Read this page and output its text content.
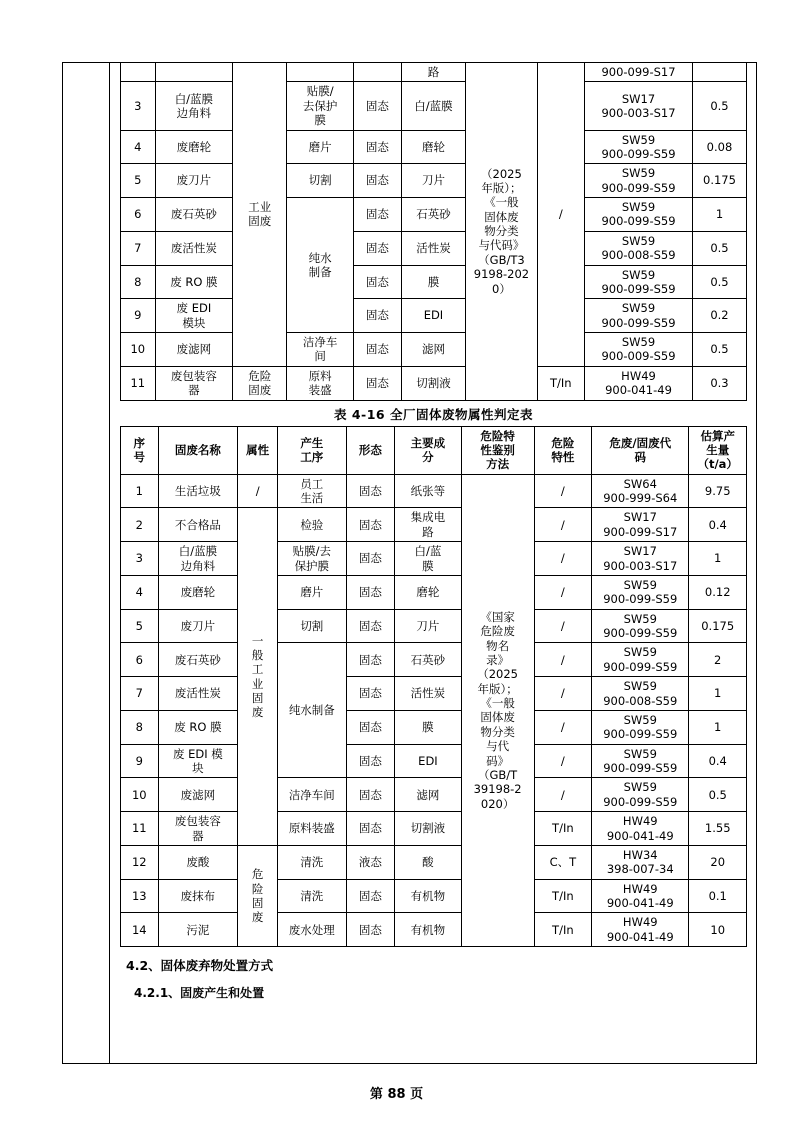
		工业
固废			路	（2025
年版）；
《一般
固体废
物分类
与代码》
（GB/T3
9198-202
0）	/	900-099-S17	
3	白/蓝膜
边角料		贴膜/
去保护
膜	固态	白/蓝膜			SW17
900-003-S17	0.5
4	废磨轮		磨片	固态	磨轮			SW59
900-099-S59	0.08
5	废刀片		切割	固态	刀片			SW59
900-099-S59	0.175
6	废石英砂		纯水
制备	固态	石英砂			SW59
900-099-S59	1
7	废活性炭			固态	活性炭			SW59
900-008-S59	0.5
8	废 RO 膜			固态	膜			SW59
900-099-S59	0.5
9	废 EDI
模块			固态	EDI			SW59
900-099-S59	0.2
10	废滤网		洁净车
间	固态	滤网			SW59
900-009-S59	0.5
11	废包装容
器	危险
固废	原料
装盛	固态	切割液		T/In	HW49
900-041-49	0.3
表 4-16 全厂固体废物属性判定表
序
号	固废名称	属性	产生
工序	形态	主要成
分	危险特
性鉴别
方法	危险
特性	危废/固废代
码	估算产
生量
（t/a）
1	生活垃圾	/	员工
生活	固态	纸张等	《国家
危险废
物名
录》
（2025
年版）；
《一般
固体废
物分类
与代
码》
（GB/T
39198-2
020）	/	SW64
900-999-S64	9.75
2	不合格品	一
般
工
业
固
废	检验	固态	集成电
路	/	SW17
900-099-S17	0.4
3	白/蓝膜
边角料		贴膜/去
保护膜	固态	白/蓝
膜		/	SW17
900-003-S17	1
4	废磨轮		磨片	固态	磨轮		/	SW59
900-099-S59	0.12
5	废刀片		切割	固态	刀片		/	SW59
900-099-S59	0.175
6	废石英砂		纯水制备	固态	石英砂		/	SW59
900-099-S59	2
7	废活性炭			固态	活性炭		/	SW59
900-008-S59	1
8	废 RO 膜			固态	膜		/	SW59
900-099-S59	1
9	废 EDI 模
块			固态	EDI		/	SW59
900-099-S59	0.4
10	废滤网		洁净车间	固态	滤网		/	SW59
900-099-S59	0.5
11	废包装容
器		原料装盛	固态	切割液		T/In	HW49
900-041-49	1.55
12	废酸	危
险
固
废	清洗	液态	酸		C、T	HW34
398-007-34	20
13	废抹布		清洗	固态	有机物		T/In	HW49
900-041-49	0.1
14	污泥		废水处理	固态	有机物		T/In	HW49
900-041-49	10
4.2、固体废弃物处置方式
4.2.1、固废产生和处置
第 88 页
